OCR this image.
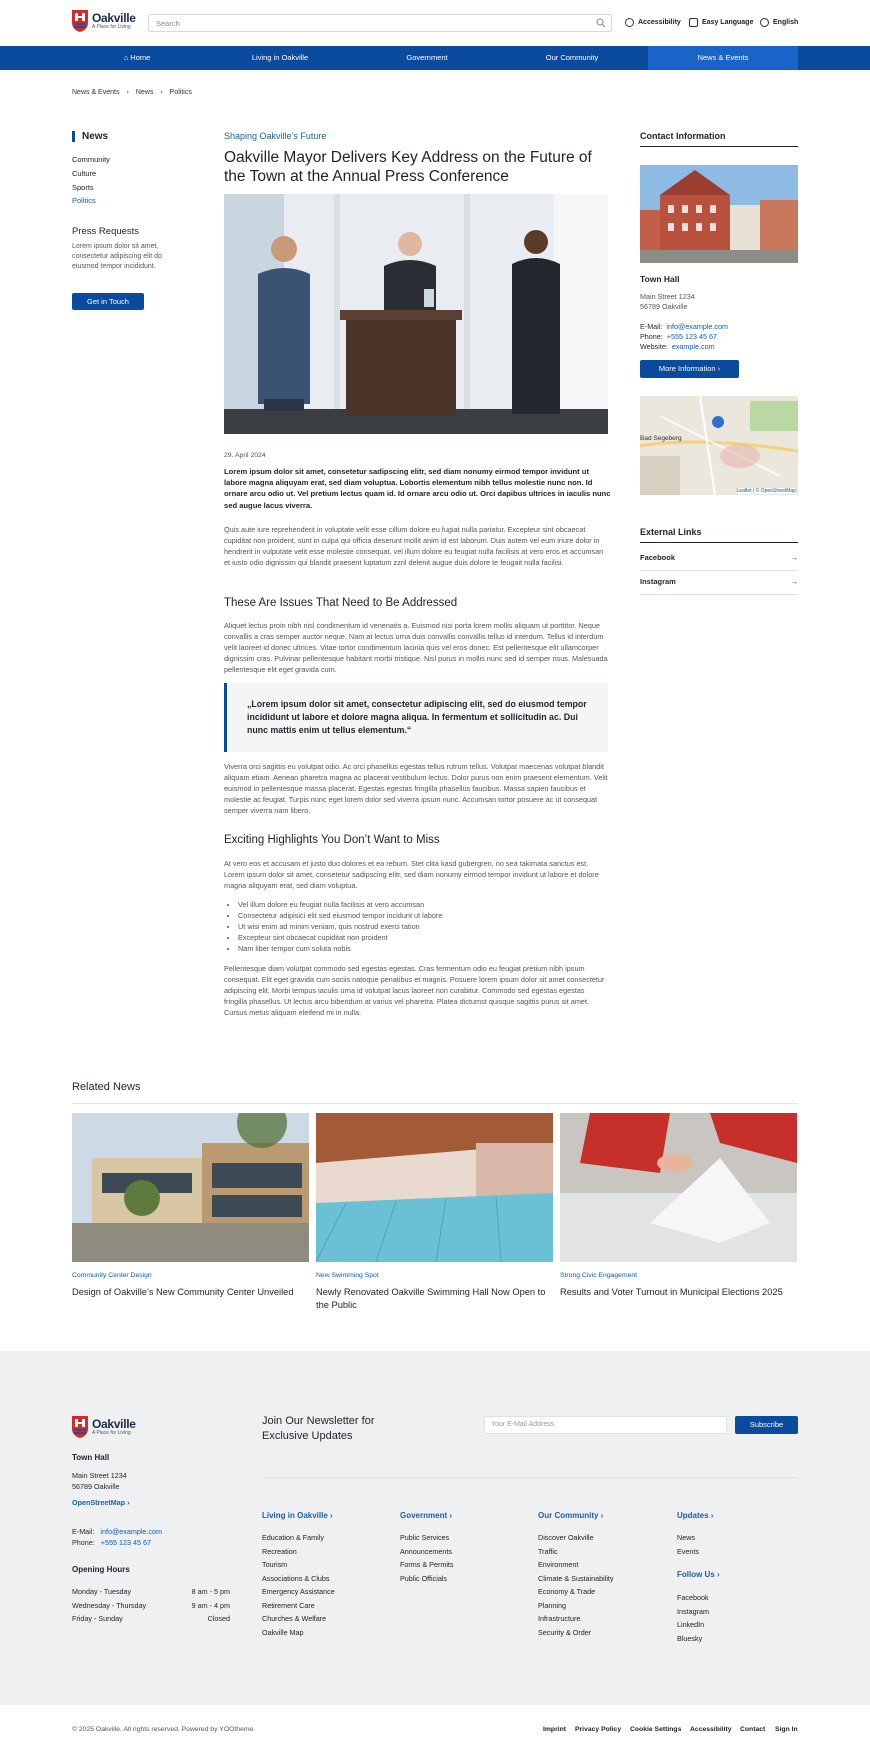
Oakville
A Place for Living	Search	Accessibility	Easy Language	English
⌂ Home	Living in Oakville	Government	Our Community	News & Events
News & Events › News › Politics
News
Community
Culture
Sports
Politics
Press Requests
Lorem ipsum dolor sit amet, consectetur adipiscing elit do eiusmod tempor incididunt.
Get in Touch
Shaping Oakville’s Future
Oakville Mayor Delivers Key Address on the Future of the Town at the Annual Press Conference
29. April 2024
Lorem ipsum dolor sit amet, consetetur sadipscing elitr, sed diam nonumy eirmod tempor invidunt ut labore magna aliquyam erat, sed diam voluptua. Lobortis elementum nibh tellus molestie nunc non. Id ornare arcu odio ut. Vel pretium lectus quam id. Id ornare arcu odio ut. Orci dapibus ultrices in iaculis nunc sed augue lacus viverra.
Quis aute iure reprehenderit in voluptate velit esse cillum dolore eu fugiat nulla pariatur. Excepteur sint obcaecat cupiditat non proident, sunt in culpa qui officia deserunt mollit anim id est laborum. Duis autem vel eum iriure dolor in hendrerit in vulputate velit esse molestie consequat, vel illum dolore eu feugiat nulla facilisis at vero eros et accumsan et iusto odio dignissim qui blandit praesent luptatum zzril delenit augue duis dolore te feugait nulla facilisi.
These Are Issues That Need to Be Addressed
Aliquet lectus proin nibh nisl condimentum id venenatis a. Euismod nisi porta lorem mollis aliquam ut porttitor. Neque convallis a cras semper auctor neque. Nam at lectus urna duis convallis convallis tellus id interdum. Tellus id interdum velit laoreet id donec ultrices. Vitae tortor condimentum lacinia quis vel eros donec. Est pellentesque elit ullamcorper dignissim cras. Pulvinar pellentesque habitant morbi tristique. Nisl purus in mollis nunc sed id semper risus. Malesuada pellentesque elit eget gravida cum.
„Lorem ipsum dolor sit amet, consectetur adipiscing elit, sed do eiusmod tempor incididunt ut labore et dolore magna aliqua. In fermentum et sollicitudin ac. Dui nunc mattis enim ut tellus elementum.“
Viverra orci sagittis eu volutpat odio. Ac orci phasellus egestas tellus rutrum tellus. Volutpat maecenas volutpat blandit aliquam etiam. Aenean pharetra magna ac placerat vestibulum lectus. Dolor purus non enim praesent elementum. Velit euismod in pellentesque massa placerat. Egestas egestas fringilla phasellus faucibus. Massa sapien faucibus et molestie ac feugiat. Turpis nunc eget lorem dolor sed viverra ipsum nunc. Accumsan tortor posuere ac ut consequat semper viverra nam libero.
Exciting Highlights You Don’t Want to Miss
At vero eos et accusam et justo duo dolores et ea rebum. Stet clita kasd gubergren, no sea takimata sanctus est. Lorem ipsum dolor sit amet, consetetur sadipscing elitr, sed diam nonumy eirmod tempor invidunt ut labore et dolore magna aliquyam erat, sed diam voluptua.
• Vel illum dolore eu feugiat nulla facilisis at vero accumsan
• Consectetur adipisici elit sed eiusmod tempor incidunt ut labore
• Ut wisi enim ad minim veniam, quis nostrud exerci tation
• Excepteur sint obcaecat cupiditat non proident
• Nam liber tempor cum soluta nobis
Pellentesque diam volutpat commodo sed egestas egestas. Cras fermentum odio eu feugiat pretium nibh ipsum consequat. Elit eget gravida cum sociis natoque penatibus et magnis. Posuere lorem ipsum dolor sit amet consectetur adipiscing elit. Morbi tempus iaculis urna id volutpat lacus laoreet non curabitur. Commodo sed egestas egestas fringilla phasellus. Ut lectus arcu bibendum at varius vel pharetra. Platea dictumst quisque sagittis purus sit amet. Cursus metus aliquam eleifend mi in nulla.
Contact Information
Town Hall
Main Street 1234
56789 Oakville
E-Mail: info@example.com
Phone: +555 123 45 67
Website: example.com
More Information ›
Bad Segeberg
Leaflet | © OpenStreetMap
External Links
Facebook	→
Instagram	→
Related News
Community Center Design	New Swimming Spot	Strong Civic Engagement
Design of Oakville’s New Community Center Unveiled	Newly Renovated Oakville Swimming Hall Now Open to the Public
Results and Voter Turnout in Municipal Elections 2025
Oakville
A Place for Living
Town Hall
Main Street 1234
56789 Oakville
OpenStreetMap ›
E-Mail: info@example.com
Phone: +555 123 45 67
Opening Hours
Monday - Tuesday	8 am - 5 pm
Wednesday - Thursday	9 am - 4 pm
Friday - Sunday	Closed
Join Our Newsletter for Exclusive Updates
Your E-Mail Address	Subscribe
Living in Oakville ›
Education & Family
Recreation
Tourism
Associations & Clubs
Emergency Assistance
Retirement Care
Churches & Welfare
Oakville Map
Government ›
Public Services
Announcements
Forms & Permits
Public Officials
Our Community ›
Discover Oakville
Traffic
Environment
Climate & Sustainability
Economy & Trade
Planning
Infrastructure
Security & Order
Updates ›
News
Events
Follow Us ›
Facebook
Instagram
LinkedIn
Bluesky
© 2025 Oakville. All rights reserved. Powered by YOOtheme.	Imprint Privacy Policy Cookie Settings Accessibility Contact Sign In
